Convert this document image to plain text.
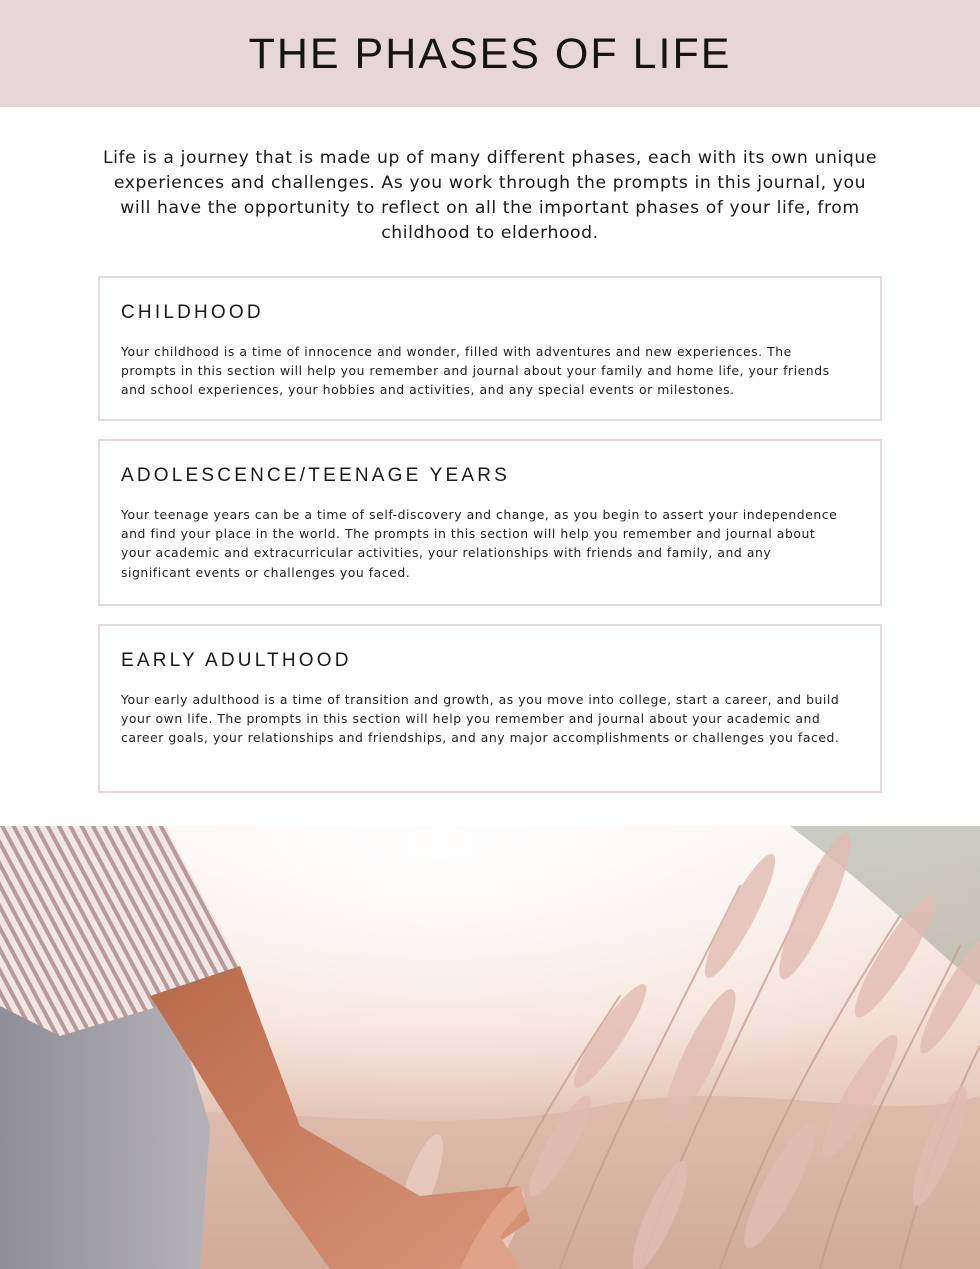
THE PHASES OF LIFE

Life is a journey that is made up of many different phases, each with its own unique experiences and challenges. As you work through the prompts in this journal, you will have the opportunity to reflect on all the important phases of your life, from childhood to elderhood.

CHILDHOOD

Your childhood is a time of innocence and wonder, filled with adventures and new experiences. The prompts in this section will help you remember and journal about your family and home life, your friends and school experiences, your hobbies and activities, and any special events or milestones.

ADOLESCENCE/TEENAGE YEARS

Your teenage years can be a time of self-discovery and change, as you begin to assert your independence and find your place in the world. The prompts in this section will help you remember and journal about your academic and extracurricular activities, your relationships with friends and family, and any significant events or challenges you faced.

EARLY ADULTHOOD

Your early adulthood is a time of transition and growth, as you move into college, start a career, and build your own life. The prompts in this section will help you remember and journal about your academic and career goals, your relationships and friendships, and any major accomplishments or challenges you faced.
